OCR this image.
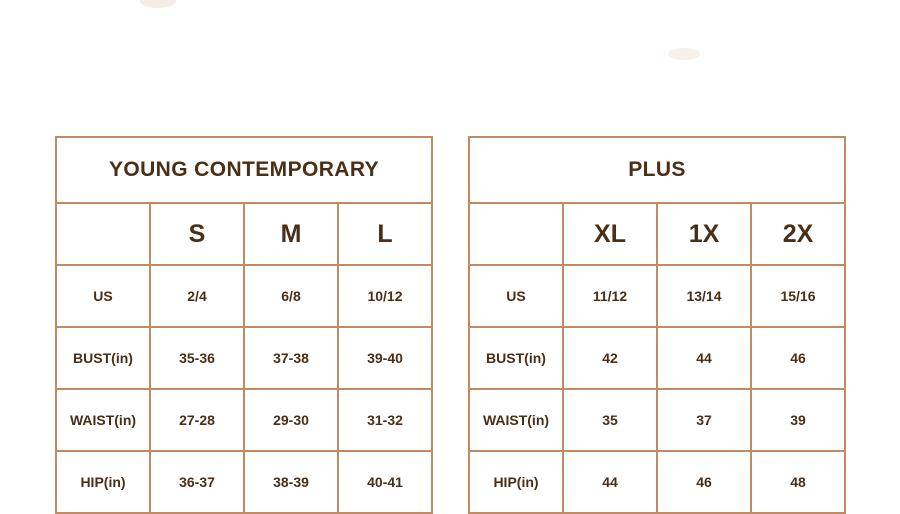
YOUNG CONTEMPORARY			
	S	M	L
US	2/4	6/8	10/12
BUST(in)	35-36	37-38	39-40
WAIST(in)	27-28	29-30	31-32
HIP(in)	36-37	38-39	40-41
PLUS			
	XL	1X	2X
US	11/12	13/14	15/16
BUST(in)	42	44	46
WAIST(in)	35	37	39
HIP(in)	44	46	48
